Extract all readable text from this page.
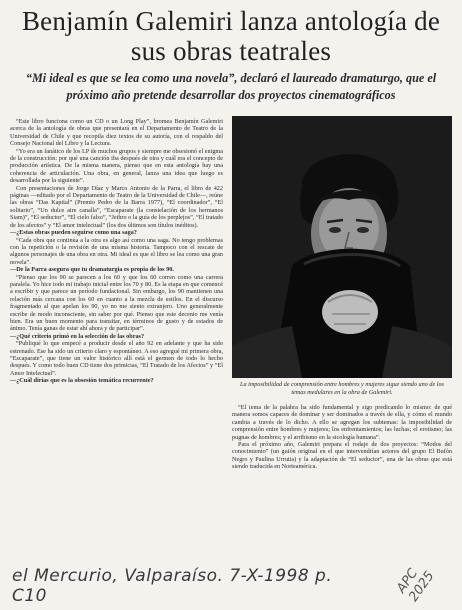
Benjamín Galemiri lanza antología de sus obras teatrales
“Mi ideal es que se lea como una novela”, declaró el laureado dramaturgo, que el próximo año pretende desarrollar dos proyectos cinematográficos

“Este libro funciona como un CD o un Long Play”, bromea Benjamín Galemiri acerca de la antología de obras que presentará en el Departamento de Teatro de la Universidad de Chile y que recopila diez textos de su autoría, con el respaldo del Consejo Nacional del Libro y la Lectura.

“Yo era un fanático de los LP de muchos grupos y siempre me obsesionó el enigma de la construcción: por qué una canción iba después de otra y cuál era el concepto de producción artística. De la misma manera, pienso que en esta antología hay una coherencia de articulación. Una obra, en general, lanza una idea que luego es desarrollada por la siguiente”.

Con presentaciones de Jorge Díaz y Marco Antonio de la Parra, el libro de 422 páginas —editado por el Departamento de Teatro de la Universidad de Chile—, reúne las obras “Das Kapital” (Premio Pedro de la Barra 1977), “El coordinador”, “El solitario”, “Un dulce aire canalla”, “Escaparate (la constelación de los hermanos Siam)”, “El seductor”, “El cielo falso”, “Jethro o la guía de los perplejos”, “El tratado de los afectos” y “El amor intelectual” (los dos últimos son títulos inéditos).

—¿Estas obras pueden seguirse como una saga?

“Cada obra que continúa a la otra es algo así como una saga. No tengo problemas con la repetición o la revisión de una misma historia. Tampoco con el rescate de algunos personajes de una obra en otra. Mi ideal es que el libro se lea como una gran novela”.

—De la Parra asegura que tu dramaturgia es propia de los 90.

“Pienso que los 90 se parecen a los 60 y que los 60 corren como una carrera paralela. Yo hice todo mi trabajo inicial entre los 70 y 80. Es la etapa en que comencé a escribir y que parece un período fundacional. Sin embargo, los 90 mantienen una relación más cercana con los 60 en cuanto a la mezcla de estilos. En el discurso fragmentado al que apelan los 90, yo no me siento extranjero. Uno generalmente escribe de modo inconsciente, sin saber por qué. Pienso que este decenio me venía bien. Era un buen momento para transitar, en términos de gusto y de estados de ánimo. Tenía ganas de estar ahí ahora y de participar”.

—¿Qué criterio primó en la selección de las obras?

“Publiqué lo que empecé a producir desde el año 92 en adelante y que ha sido estrenado. Ese ha sido un criterio claro y espontáneo. A eso agregué mi primera obra, “Escaparate”, que tiene un valor histórico allí está el germen de todo lo hecho después. Y como todo buen CD tiene dos primicias, “El Tratado de los Afectos” y “El Amor Intelectual”.

—¿Cuál dirías que es la obsesión temática recurrente?

La imposibilidad de comprensión entre hombres y mujeres sigue siendo uno de los temas medulares en la obra de Galemiri.

“El tema de la palabra ha sido fundamental y sigo predicando lo mismo: de qué manera somos capaces de dominar y ser dominados a través de ella, y cómo el mundo cambia a través de lo dicho. A ello se agregan los subtemas: la imposibilidad de comprensión entre hombres y mujeres; los enfrentamientos; las luchas; el erotismo; las pugnas de hombres; y el arribismo en la sicología humana”.

Para el próximo año, Galemiri prepara el rodaje de dos proyectos: “Modos del conocimiento” (un guión original en el que intervendrían actores del grupo El Bufón Negro y Paulina Urrutia) y la adaptación de “El seductor”, una de las obras que está siendo traducida en Norteamérica.

el Mercurio, Valparaíso. 7-X-1998 p. C10
APC 2025
